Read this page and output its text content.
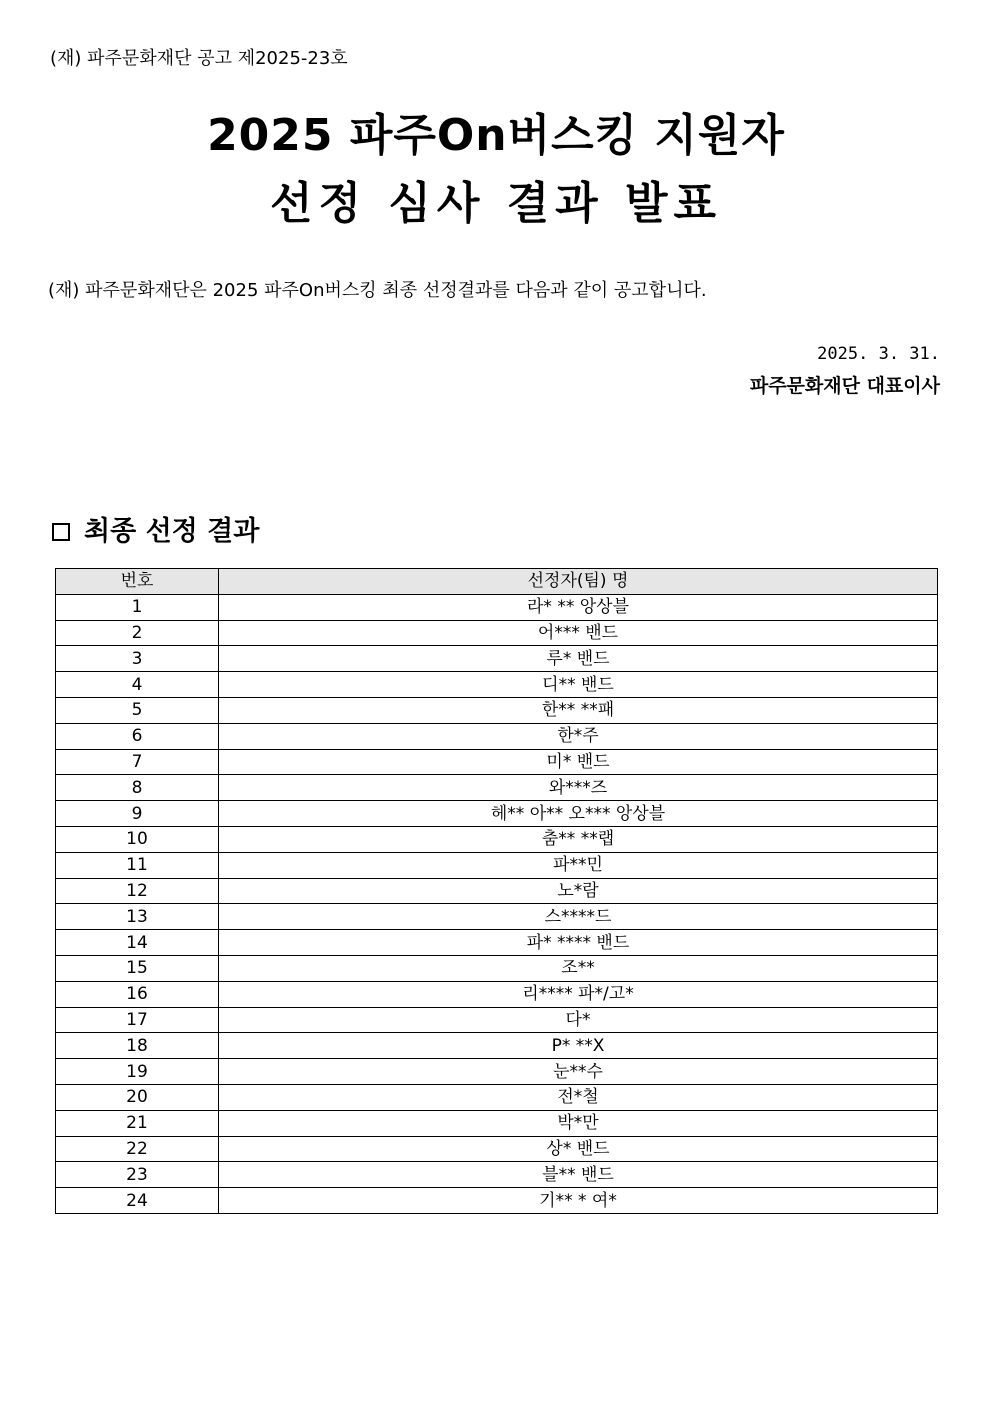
(재) 파주문화재단 공고 제2025-23호
2025 파주On버스킹 지원자
선정 심사 결과 발표
(재) 파주문화재단은 2025 파주On버스킹 최종 선정결과를 다음과 같이 공고합니다.
2025. 3. 31.
파주문화재단 대표이사
최종 선정 결과
번호	선정자(팀) 명
1	라* ** 앙상블
2	어*** 밴드
3	루* 밴드
4	디** 밴드
5	한** **패
6	한*주
7	미* 밴드
8	와***즈
9	헤** 아** 오*** 앙상블
10	춤** **랩
11	파**민
12	노*람
13	스****드
14	파* **** 밴드
15	조**
16	리**** 파*/고*
17	다*
18	P* **X
19	눈**수
20	전*철
21	박*만
22	상* 밴드
23	블** 밴드
24	기** * 여*
